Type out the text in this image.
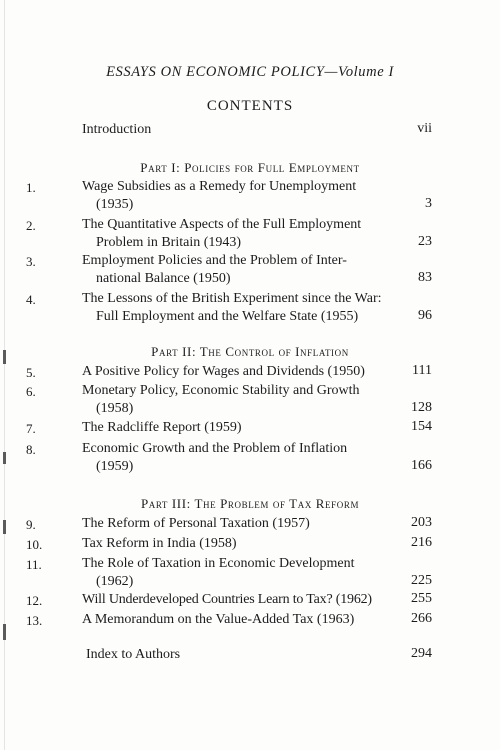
ESSAYS ON ECONOMIC POLICY—Volume I
CONTENTS
Introduction	vii
Part I: Policies for Full Employment
1.	Wage Subsidies as a Remedy for Unemployment
(1935)	3
2.	The Quantitative Aspects of the Full Employment
Problem in Britain (1943)	23
3.	Employment Policies and the Problem of Inter-
national Balance (1950)	83
4.	The Lessons of the British Experiment since the War:
Full Employment and the Welfare State (1955)	96
Part II: The Control of Inflation
5.	A Positive Policy for Wages and Dividends (1950)	111
6.	Monetary Policy, Economic Stability and Growth
(1958)	128
7.	The Radcliffe Report (1959)	154
8.	Economic Growth and the Problem of Inflation
(1959)	166
Part III: The Problem of Tax Reform
9.	The Reform of Personal Taxation (1957)	203
10.	Tax Reform in India (1958)	216
11.	The Role of Taxation in Economic Development
(1962)	225
12.	Will Underdeveloped Countries Learn to Tax? (1962)	255
13.	A Memorandum on the Value-Added Tax (1963)	266
Index to Authors	294
